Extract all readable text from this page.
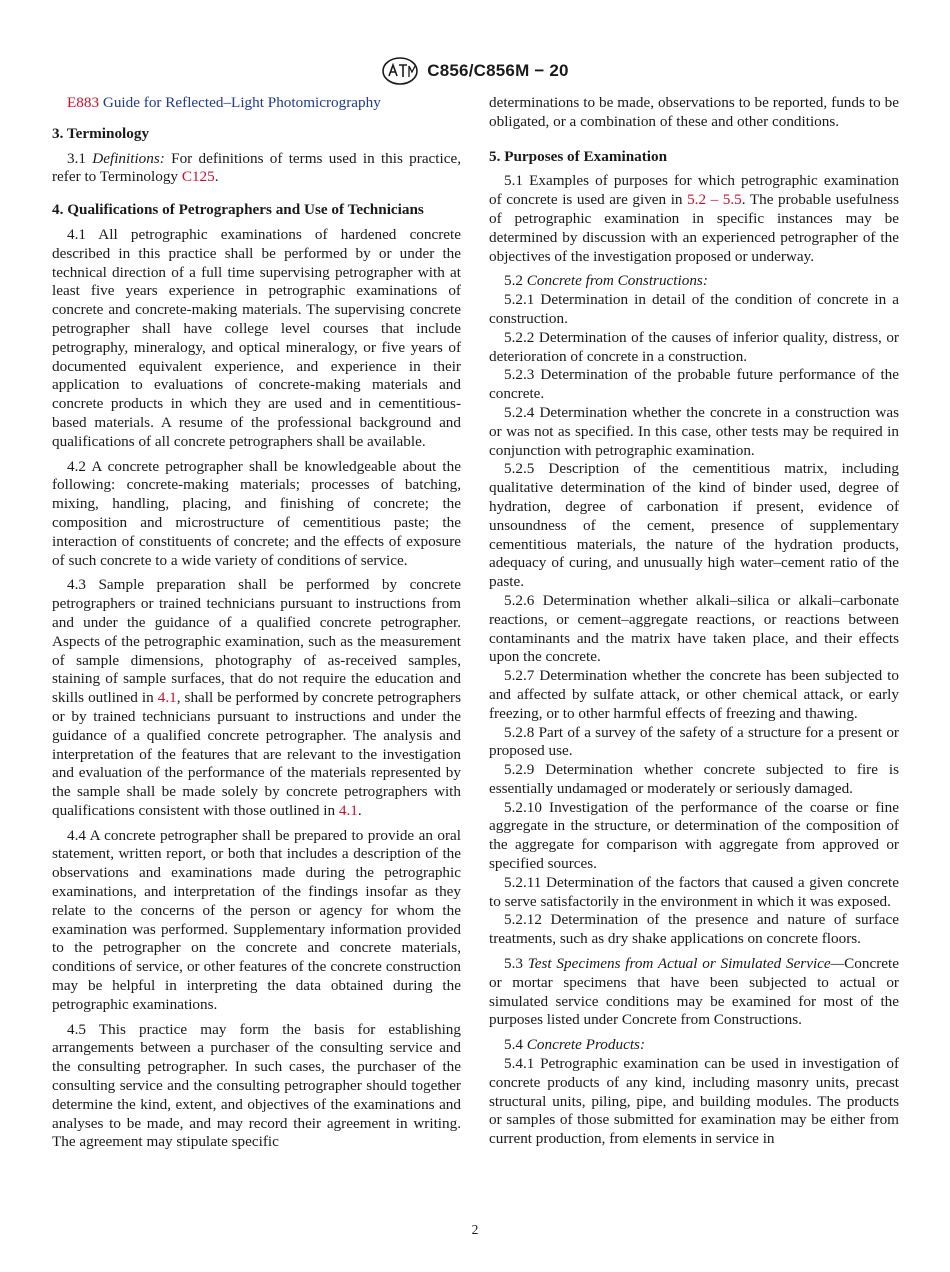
C856/C856M − 20

E883 Guide for Reflected–Light Photomicrography

3. Terminology

3.1 Definitions: For definitions of terms used in this practice, refer to Terminology C125.

4. Qualifications of Petrographers and Use of Technicians

4.1 All petrographic examinations of hardened concrete described in this practice shall be performed by or under the technical direction of a full time supervising petrographer with at least five years experience in petrographic examinations of concrete and concrete-making materials. The supervising concrete petrographer shall have college level courses that include petrography, mineralogy, and optical mineralogy, or five years of documented equivalent experience, and experience in their application to evaluations of concrete-making materials and concrete products in which they are used and in cementitious-based materials. A resume of the professional background and qualifications of all concrete petrographers shall be available.

4.2 A concrete petrographer shall be knowledgeable about the following: concrete-making materials; processes of batching, mixing, handling, placing, and finishing of concrete; the composition and microstructure of cementitious paste; the interaction of constituents of concrete; and the effects of exposure of such concrete to a wide variety of conditions of service.

4.3 Sample preparation shall be performed by concrete petrographers or trained technicians pursuant to instructions from and under the guidance of a qualified concrete petrographer. Aspects of the petrographic examination, such as the measurement of sample dimensions, photography of as-received samples, staining of sample surfaces, that do not require the education and skills outlined in 4.1, shall be performed by concrete petrographers or by trained technicians pursuant to instructions and under the guidance of a qualified concrete petrographer. The analysis and interpretation of the features that are relevant to the investigation and evaluation of the performance of the materials represented by the sample shall be made solely by concrete petrographers with qualifications consistent with those outlined in 4.1.

4.4 A concrete petrographer shall be prepared to provide an oral statement, written report, or both that includes a description of the observations and examinations made during the petrographic examinations, and interpretation of the findings insofar as they relate to the concerns of the person or agency for whom the examination was performed. Supplementary information provided to the petrographer on the concrete and concrete materials, conditions of service, or other features of the concrete construction may be helpful in interpreting the data obtained during the petrographic examinations.

4.5 This practice may form the basis for establishing arrangements between a purchaser of the consulting service and the consulting petrographer. In such cases, the purchaser of the consulting service and the consulting petrographer should together determine the kind, extent, and objectives of the examinations and analyses to be made, and may record their agreement in writing. The agreement may stipulate specific

determinations to be made, observations to be reported, funds to be obligated, or a combination of these and other conditions.

5. Purposes of Examination

5.1 Examples of purposes for which petrographic examination of concrete is used are given in 5.2 – 5.5. The probable usefulness of petrographic examination in specific instances may be determined by discussion with an experienced petrographer of the objectives of the investigation proposed or underway.

5.2 Concrete from Constructions:

5.2.1 Determination in detail of the condition of concrete in a construction.

5.2.2 Determination of the causes of inferior quality, distress, or deterioration of concrete in a construction.

5.2.3 Determination of the probable future performance of the concrete.

5.2.4 Determination whether the concrete in a construction was or was not as specified. In this case, other tests may be required in conjunction with petrographic examination.

5.2.5 Description of the cementitious matrix, including qualitative determination of the kind of binder used, degree of hydration, degree of carbonation if present, evidence of unsoundness of the cement, presence of supplementary cementitious materials, the nature of the hydration products, adequacy of curing, and unusually high water–cement ratio of the paste.

5.2.6 Determination whether alkali–silica or alkali–carbonate reactions, or cement–aggregate reactions, or reactions between contaminants and the matrix have taken place, and their effects upon the concrete.

5.2.7 Determination whether the concrete has been subjected to and affected by sulfate attack, or other chemical attack, or early freezing, or to other harmful effects of freezing and thawing.

5.2.8 Part of a survey of the safety of a structure for a present or proposed use.

5.2.9 Determination whether concrete subjected to fire is essentially undamaged or moderately or seriously damaged.

5.2.10 Investigation of the performance of the coarse or fine aggregate in the structure, or determination of the composition of the aggregate for comparison with aggregate from approved or specified sources.

5.2.11 Determination of the factors that caused a given concrete to serve satisfactorily in the environment in which it was exposed.

5.2.12 Determination of the presence and nature of surface treatments, such as dry shake applications on concrete floors.

5.3 Test Specimens from Actual or Simulated Service—Concrete or mortar specimens that have been subjected to actual or simulated service conditions may be examined for most of the purposes listed under Concrete from Constructions.

5.4 Concrete Products:

5.4.1 Petrographic examination can be used in investigation of concrete products of any kind, including masonry units, precast structural units, piling, pipe, and building modules. The products or samples of those submitted for examination may be either from current production, from elements in service in

2
